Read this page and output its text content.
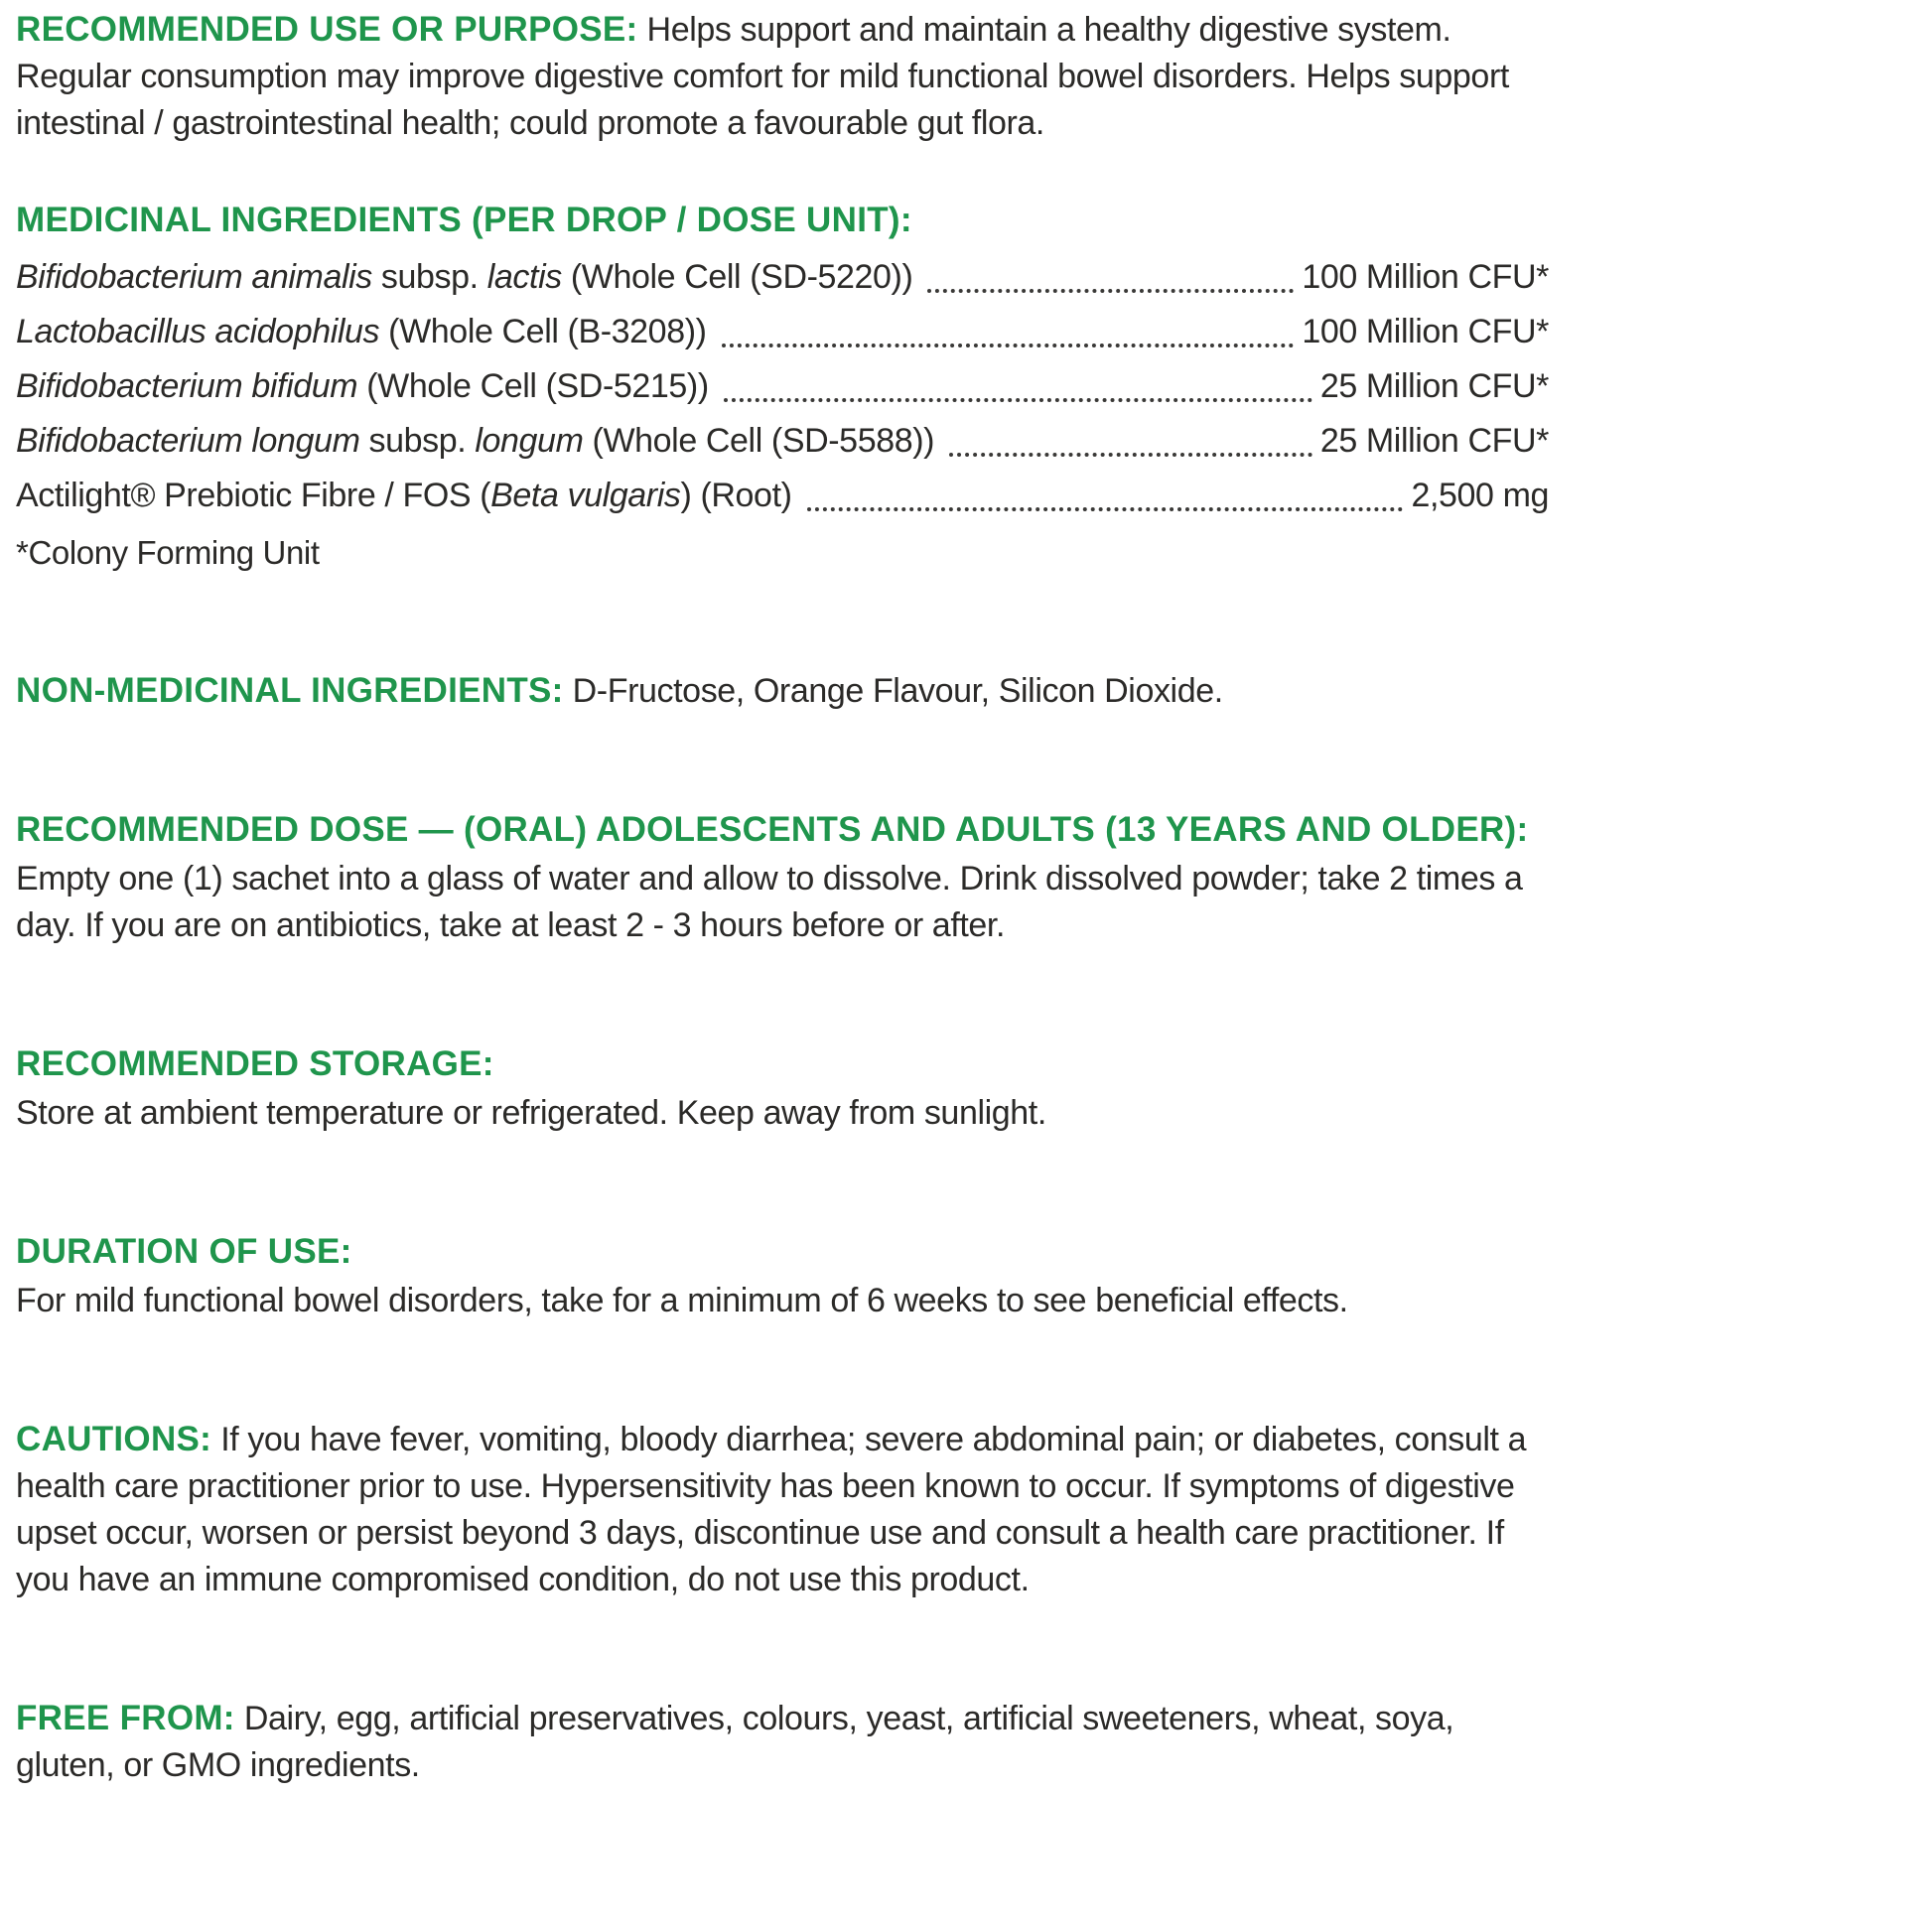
RECOMMENDED USE OR PURPOSE: Helps support and maintain a healthy digestive system. Regular consumption may improve digestive comfort for mild functional bowel disorders. Helps support intestinal / gastrointestinal health; could promote a favourable gut flora.

MEDICINAL INGREDIENTS (PER DROP / DOSE UNIT):

Bifidobacterium animalis subsp. lactis (Whole Cell (SD-5220))	100 Million CFU*
Lactobacillus acidophilus (Whole Cell (B-3208))	100 Million CFU*
Bifidobacterium bifidum (Whole Cell (SD-5215))	25 Million CFU*
Bifidobacterium longum subsp. longum (Whole Cell (SD-5588))	25 Million CFU*
Actilight® Prebiotic Fibre / FOS (Beta vulgaris) (Root)	2,500 mg

*Colony Forming Unit

NON-MEDICINAL INGREDIENTS: D-Fructose, Orange Flavour, Silicon Dioxide.

RECOMMENDED DOSE — (ORAL) ADOLESCENTS AND ADULTS (13 YEARS AND OLDER):

Empty one (1) sachet into a glass of water and allow to dissolve. Drink dissolved powder; take 2 times a day. If you are on antibiotics, take at least 2 - 3 hours before or after.

RECOMMENDED STORAGE:

Store at ambient temperature or refrigerated. Keep away from sunlight.

DURATION OF USE:

For mild functional bowel disorders, take for a minimum of 6 weeks to see beneficial effects.

CAUTIONS: If you have fever, vomiting, bloody diarrhea; severe abdominal pain; or diabetes, consult a health care practitioner prior to use. Hypersensitivity has been known to occur. If symptoms of digestive upset occur, worsen or persist beyond 3 days, discontinue use and consult a health care practitioner. If you have an immune compromised condition, do not use this product.

FREE FROM: Dairy, egg, artificial preservatives, colours, yeast, artificial sweeteners, wheat, soya, gluten, or GMO ingredients.
